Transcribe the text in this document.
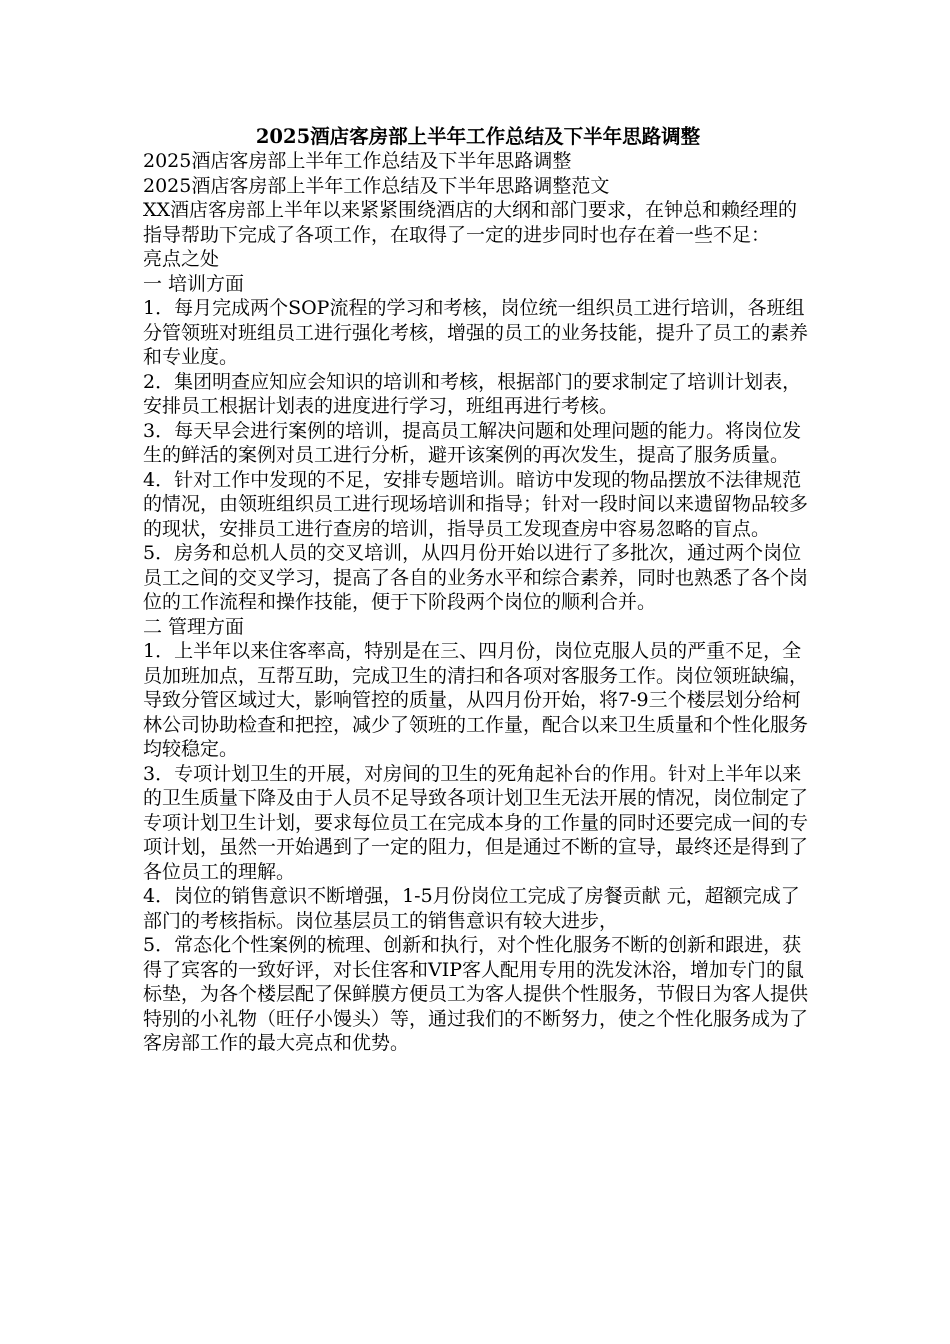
2025酒店客房部上半年工作总结及下半年思路调整

2025酒店客房部上半年工作总结及下半年思路调整

2025酒店客房部上半年工作总结及下半年思路调整范文

XX酒店客房部上半年以来紧紧围绕酒店的大纲和部门要求，在钟总和赖经理的指导帮助下完成了各项工作，在取得了一定的进步同时也存在着一些不足：

亮点之处

一 培训方面

1．每月完成两个SOP流程的学习和考核，岗位统一组织员工进行培训，各班组分管领班对班组员工进行强化考核，增强的员工的业务技能，提升了员工的素养和专业度。

2．集团明查应知应会知识的培训和考核，根据部门的要求制定了培训计划表，安排员工根据计划表的进度进行学习，班组再进行考核。

3．每天早会进行案例的培训，提高员工解决问题和处理问题的能力。将岗位发生的鲜活的案例对员工进行分析，避开该案例的再次发生，提高了服务质量。

4．针对工作中发现的不足，安排专题培训。暗访中发现的物品摆放不法律规范的情况，由领班组织员工进行现场培训和指导；针对一段时间以来遗留物品较多的现状，安排员工进行查房的培训，指导员工发现查房中容易忽略的盲点。

5．房务和总机人员的交叉培训，从四月份开始以进行了多批次，通过两个岗位员工之间的交叉学习，提高了各自的业务水平和综合素养，同时也熟悉了各个岗位的工作流程和操作技能，便于下阶段两个岗位的顺利合并。

二 管理方面

1．上半年以来住客率高，特别是在三、四月份，岗位克服人员的严重不足，全员加班加点，互帮互助，完成卫生的清扫和各项对客服务工作。岗位领班缺编，导致分管区域过大，影响管控的质量，从四月份开始，将7-9三个楼层划分给柯林公司协助检查和把控，减少了领班的工作量，配合以来卫生质量和个性化服务均较稳定。

3．专项计划卫生的开展，对房间的卫生的死角起补台的作用。针对上半年以来的卫生质量下降及由于人员不足导致各项计划卫生无法开展的情况，岗位制定了专项计划卫生计划，要求每位员工在完成本身的工作量的同时还要完成一间的专项计划，虽然一开始遇到了一定的阻力，但是通过不断的宣导，最终还是得到了各位员工的理解。

4．岗位的销售意识不断增强，1-5月份岗位工完成了房餐贡献 元，超额完成了部门的考核指标。岗位基层员工的销售意识有较大进步，

5．常态化个性案例的梳理、创新和执行，对个性化服务不断的创新和跟进，获得了宾客的一致好评，对长住客和VIP客人配用专用的洗发沐浴，增加专门的鼠标垫，为各个楼层配了保鲜膜方便员工为客人提供个性服务，节假日为客人提供特别的小礼物（旺仔小馒头）等，通过我们的不断努力，使之个性化服务成为了客房部工作的最大亮点和优势。
